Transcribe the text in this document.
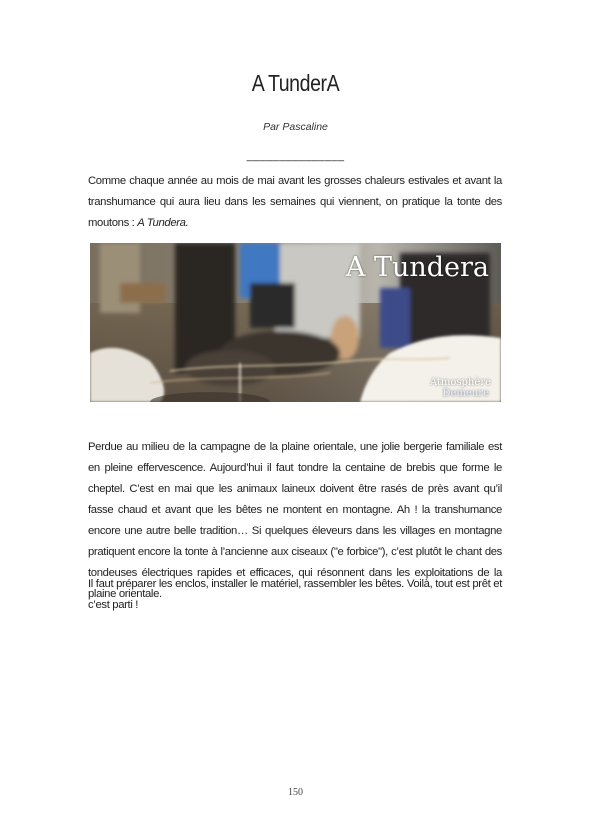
A TunderA
Par Pascaline
_______________
Comme chaque année au mois de mai avant les grosses chaleurs estivales et avant la transhumance qui aura lieu dans les semaines qui viennent, on pratique la tonte des moutons : A Tundera.
A Tundera
Atmosphère
Demeure
Perdue au milieu de la campagne de la plaine orientale, une jolie bergerie familiale est en pleine effervescence. Aujourd’hui il faut tondre la centaine de brebis que forme le cheptel. C’est en mai que les animaux laineux doivent être rasés de près avant qu’il fasse chaud et avant que les bêtes ne montent en montagne. Ah ! la transhumance encore une autre belle tradition… Si quelques éleveurs dans les villages en montagne pratiquent encore la tonte à l’ancienne aux ciseaux ("e forbice"), c’est plutôt le chant des tondeuses électriques rapides et efficaces, qui résonnent dans les exploitations de la plaine orientale.
Il faut préparer les enclos, installer le matériel, rassembler les bêtes. Voilà, tout est prêt et c’est parti !
150
